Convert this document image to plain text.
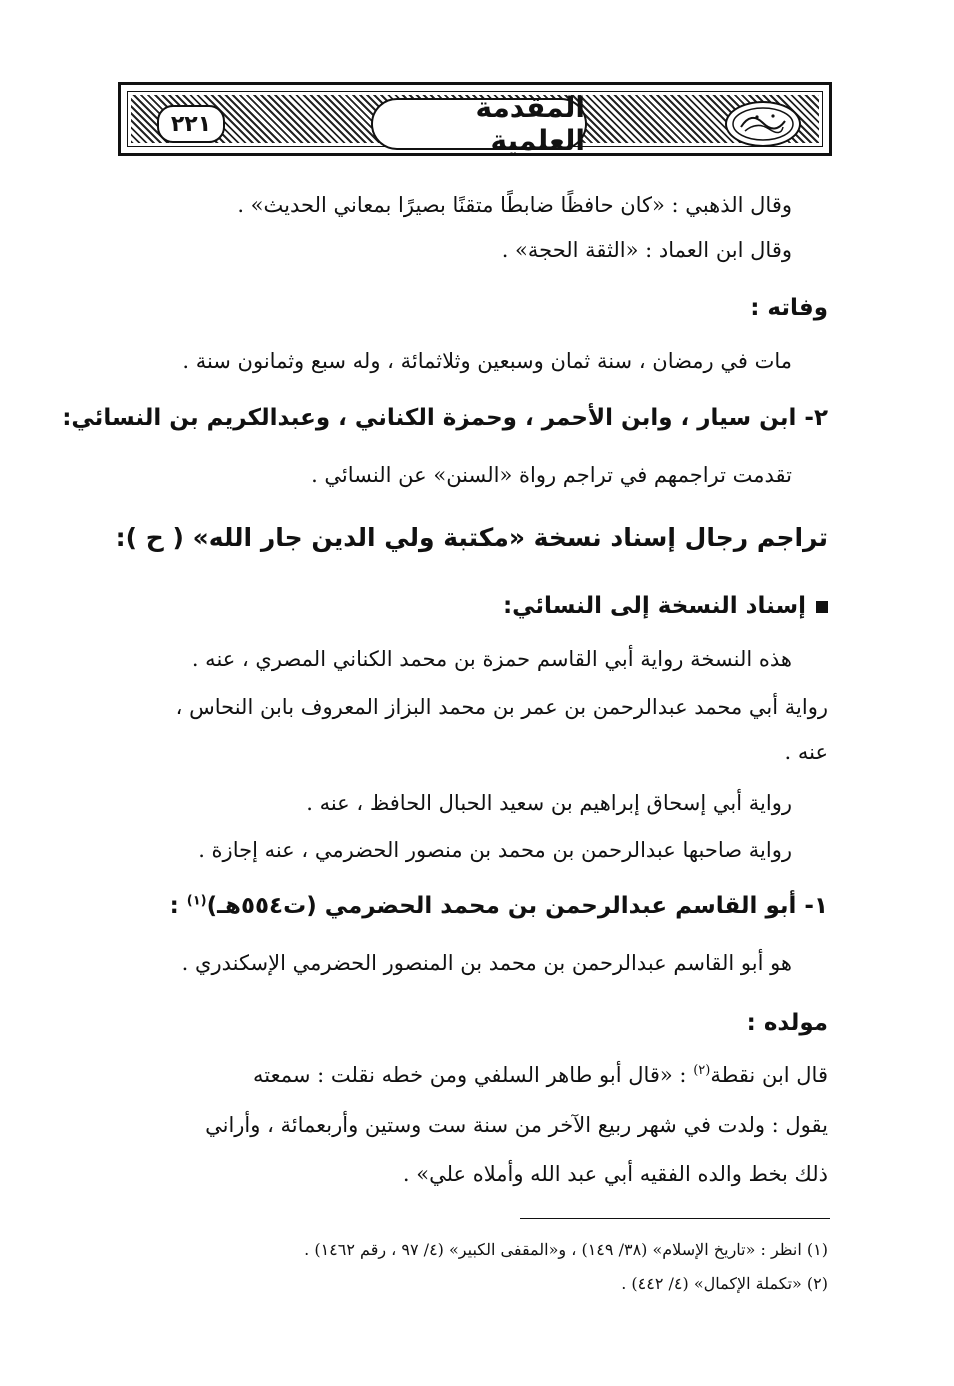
٢٢١	المقدمة العلمية
وقال الذهبي : «كان حافظًا ضابطًا متقنًا بصيرًا بمعاني الحديث» .
وقال ابن العماد : «الثقة الحجة» .
وفاته :
مات في رمضان ، سنة ثمان وسبعين وثلاثمائة ، وله سبع وثمانون سنة .
٢- ابن سيار ، وابن الأحمر ، وحمزة الكناني ، وعبدالكريم بن النسائي:
تقدمت تراجمهم في تراجم رواة «السنن» عن النسائي .
تراجم رجال إسناد نسخة «مكتبة ولي الدين جار الله» ( ح ):
إسناد النسخة إلى النسائي:
هذه النسخة رواية أبي القاسم حمزة بن محمد الكناني المصري ، عنه .
رواية أبي محمد عبدالرحمن بن عمر بن محمد البزاز المعروف بابن النحاس ،
عنه .
رواية أبي إسحاق إبراهيم بن سعيد الحبال الحافظ ، عنه .
رواية صاحبها عبدالرحمن بن محمد بن منصور الحضرمي ، عنه إجازة .
١- أبو القاسم عبدالرحمن بن محمد الحضرمي (ت٥٥٤هـ)$^{(١)}$ :
هو أبو القاسم عبدالرحمن بن محمد بن المنصور الحضرمي الإسكندري .
مولده :
قال ابن نقطة$^{(٢)}$ : «قال أبو طاهر السلفي ومن خطه نقلت : سمعته
يقول : ولدت في شهر ربيع الآخر من سنة ست وستين وأربعمائة ، وأراني
ذلك بخط والده الفقيه أبي عبد الله وأملاه علي» .
(١) انظر : «تاريخ الإسلام» (٣٨/ ١٤٩) ، و«المقفى الكبير» (٤/ ٩٧ ، رقم ١٤٦٢) .
(٢) «تكملة الإكمال» (٤/ ٤٤٢) .
